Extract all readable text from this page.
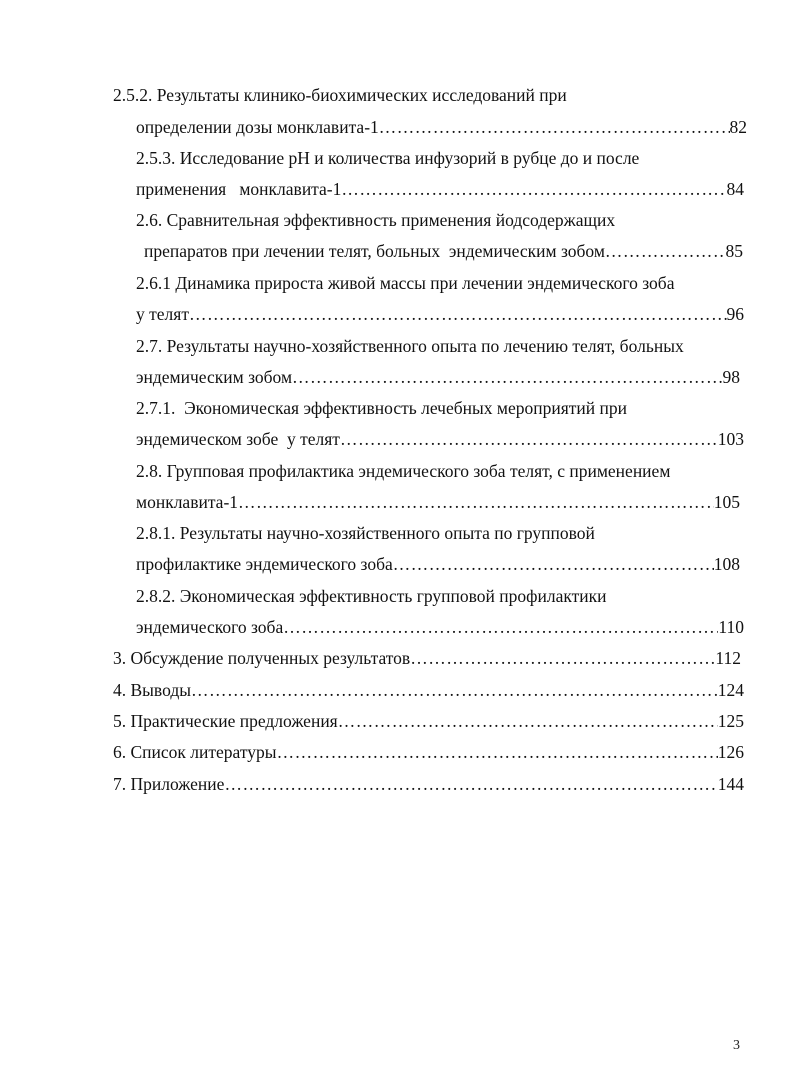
2.5.2. Результаты клинико-биохимических исследований при
определении дозы монклавита-1 ……………………………………………………………………………………………………………………………………………………………	82
2.5.3. Исследование pH и количества инфузорий в рубце до и после
применения   монклавита-1 ……………………………………………………………………………………………………………………………………………………………	84
2.6. Сравнительная эффективность применения йодсодержащих
препаратов при лечении телят, больных  эндемическим зобом ……………………………………………………………………………………………………………………………………………………………	85
2.6.1 Динамика прироста живой массы при лечении эндемического зоба
у телят ……………………………………………………………………………………………………………………………………………………………	96
2.7. Результаты научно-хозяйственного опыта по лечению телят, больных
эндемическим зобом ……………………………………………………………………………………………………………………………………………………………	98
2.7.1.  Экономическая эффективность лечебных мероприятий при
эндемическом зобе  у телят ……………………………………………………………………………………………………………………………………………………………	103
2.8. Групповая профилактика эндемического зоба телят, с применением
монклавита-1 ……………………………………………………………………………………………………………………………………………………………	105
2.8.1. Результаты научно-хозяйственного опыта по групповой
профилактике эндемического зоба ……………………………………………………………………………………………………………………………………………………………	108
2.8.2. Экономическая эффективность групповой профилактики
эндемического зоба ……………………………………………………………………………………………………………………………………………………………	110
3. Обсуждение полученных результатов ……………………………………………………………………………………………………………………………………………………………	112
4. Выводы ……………………………………………………………………………………………………………………………………………………………	124
5. Практические предложения ……………………………………………………………………………………………………………………………………………………………	125
6. Список литературы ……………………………………………………………………………………………………………………………………………………………	126
7. Приложение ……………………………………………………………………………………………………………………………………………………………	144
3
